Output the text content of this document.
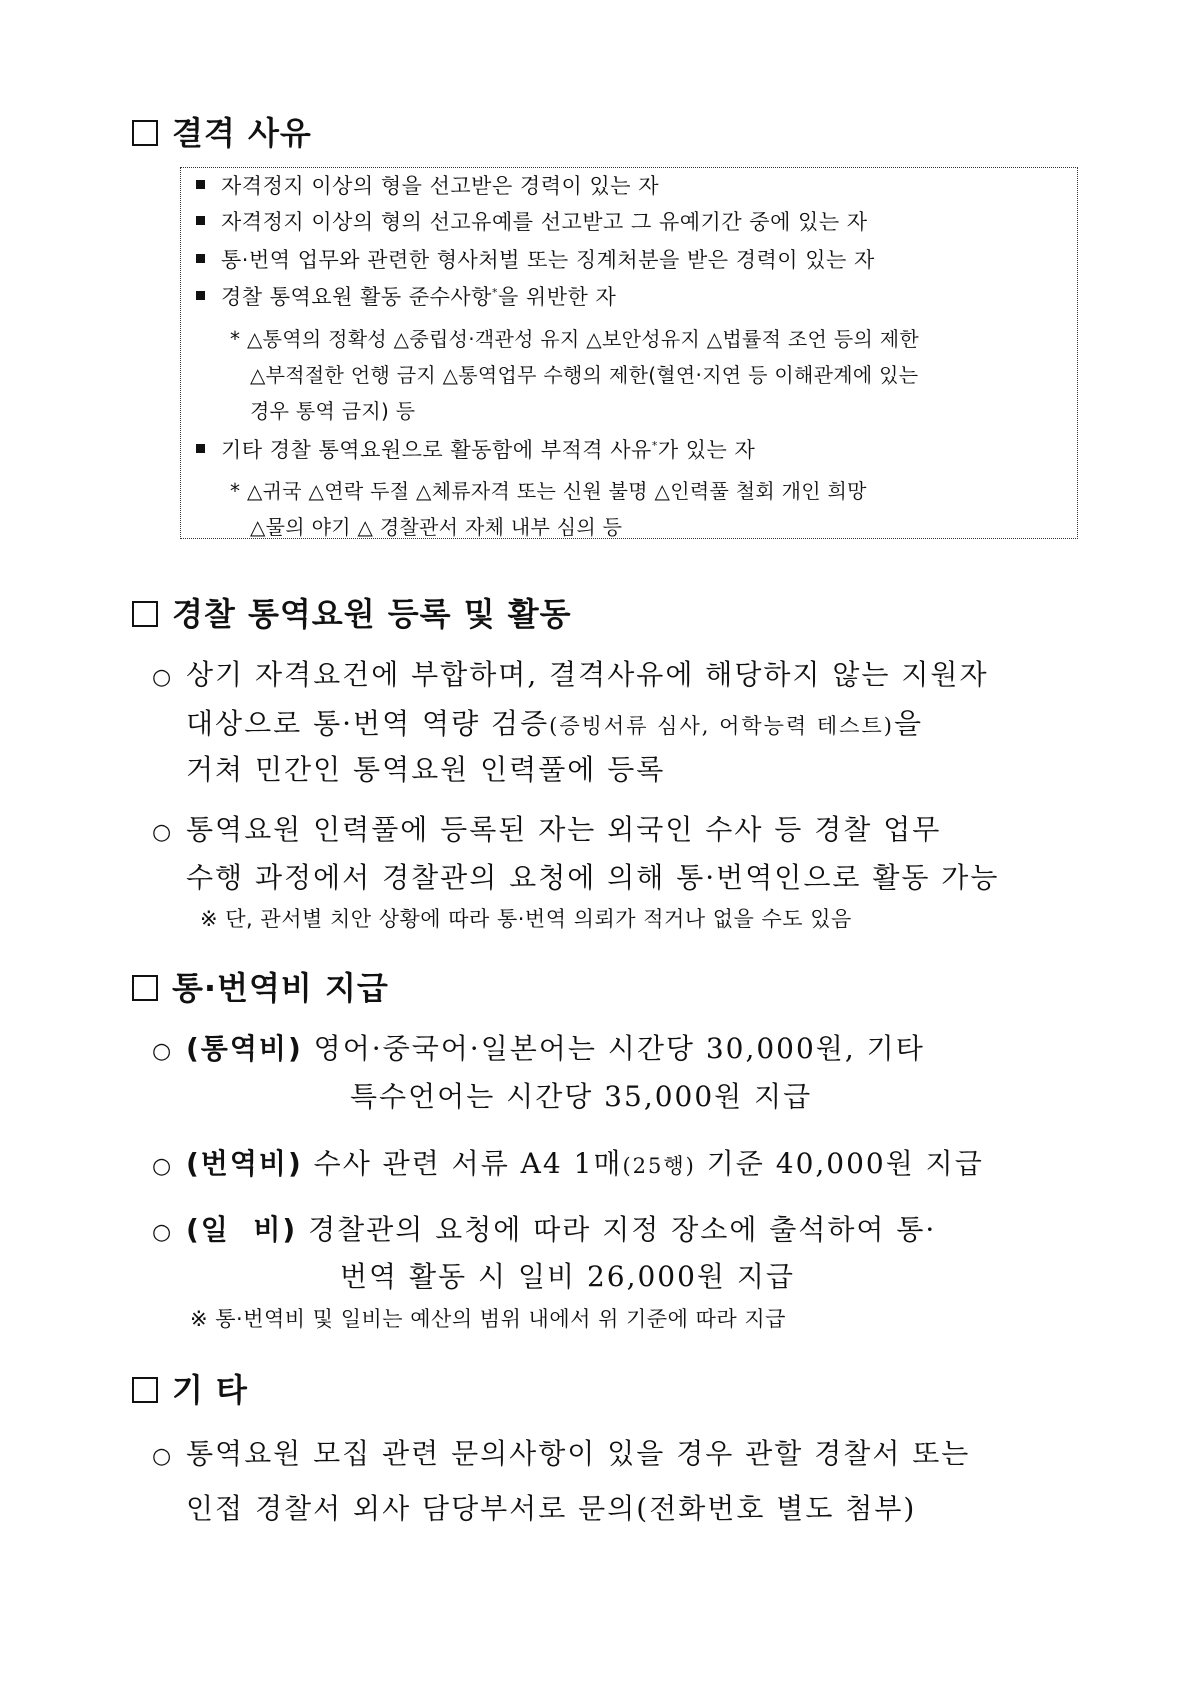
결격 사유
자격정지 이상의 형을 선고받은 경력이 있는 자
자격정지 이상의 형의 선고유예를 선고받고 그 유예기간 중에 있는 자
통·번역 업무와 관련한 형사처벌 또는 징계처분을 받은 경력이 있는 자
경찰 통역요원 활동 준수사항*을 위반한 자
* △통역의 정확성 △중립성·객관성 유지 △보안성유지 △법률적 조언 등의 제한
△부적절한 언행 금지 △통역업무 수행의 제한(혈연·지연 등 이해관계에 있는
경우 통역 금지) 등
기타 경찰 통역요원으로 활동함에 부적격 사유*가 있는 자
* △귀국 △연락 두절 △체류자격 또는 신원 불명 △인력풀 철회 개인 희망
△물의 야기 △ 경찰관서 자체 내부 심의 등
경찰 통역요원 등록 및 활동
○ 상기 자격요건에 부합하며, 결격사유에 해당하지 않는 지원자
대상으로 통·번역 역량 검증(증빙서류 심사, 어학능력 테스트)을
거쳐 민간인 통역요원 인력풀에 등록
○ 통역요원 인력풀에 등록된 자는 외국인 수사 등 경찰 업무
수행 과정에서 경찰관의 요청에 의해 통·번역인으로 활동 가능
※ 단, 관서별 치안 상황에 따라 통·번역 의뢰가 적거나 없을 수도 있음
통·번역비 지급
○ (통역비) 영어·중국어·일본어는 시간당 30,000원, 기타
특수언어는 시간당 35,000원 지급
○ (번역비) 수사 관련 서류 A4 1매(25행) 기준 40,000원 지급
○ (일  비) 경찰관의 요청에 따라 지정 장소에 출석하여 통·
번역 활동 시 일비 26,000원 지급
※ 통·번역비 및 일비는 예산의 범위 내에서 위 기준에 따라 지급
기 타
○ 통역요원 모집 관련 문의사항이 있을 경우 관할 경찰서 또는
인접 경찰서 외사 담당부서로 문의(전화번호 별도 첨부)
